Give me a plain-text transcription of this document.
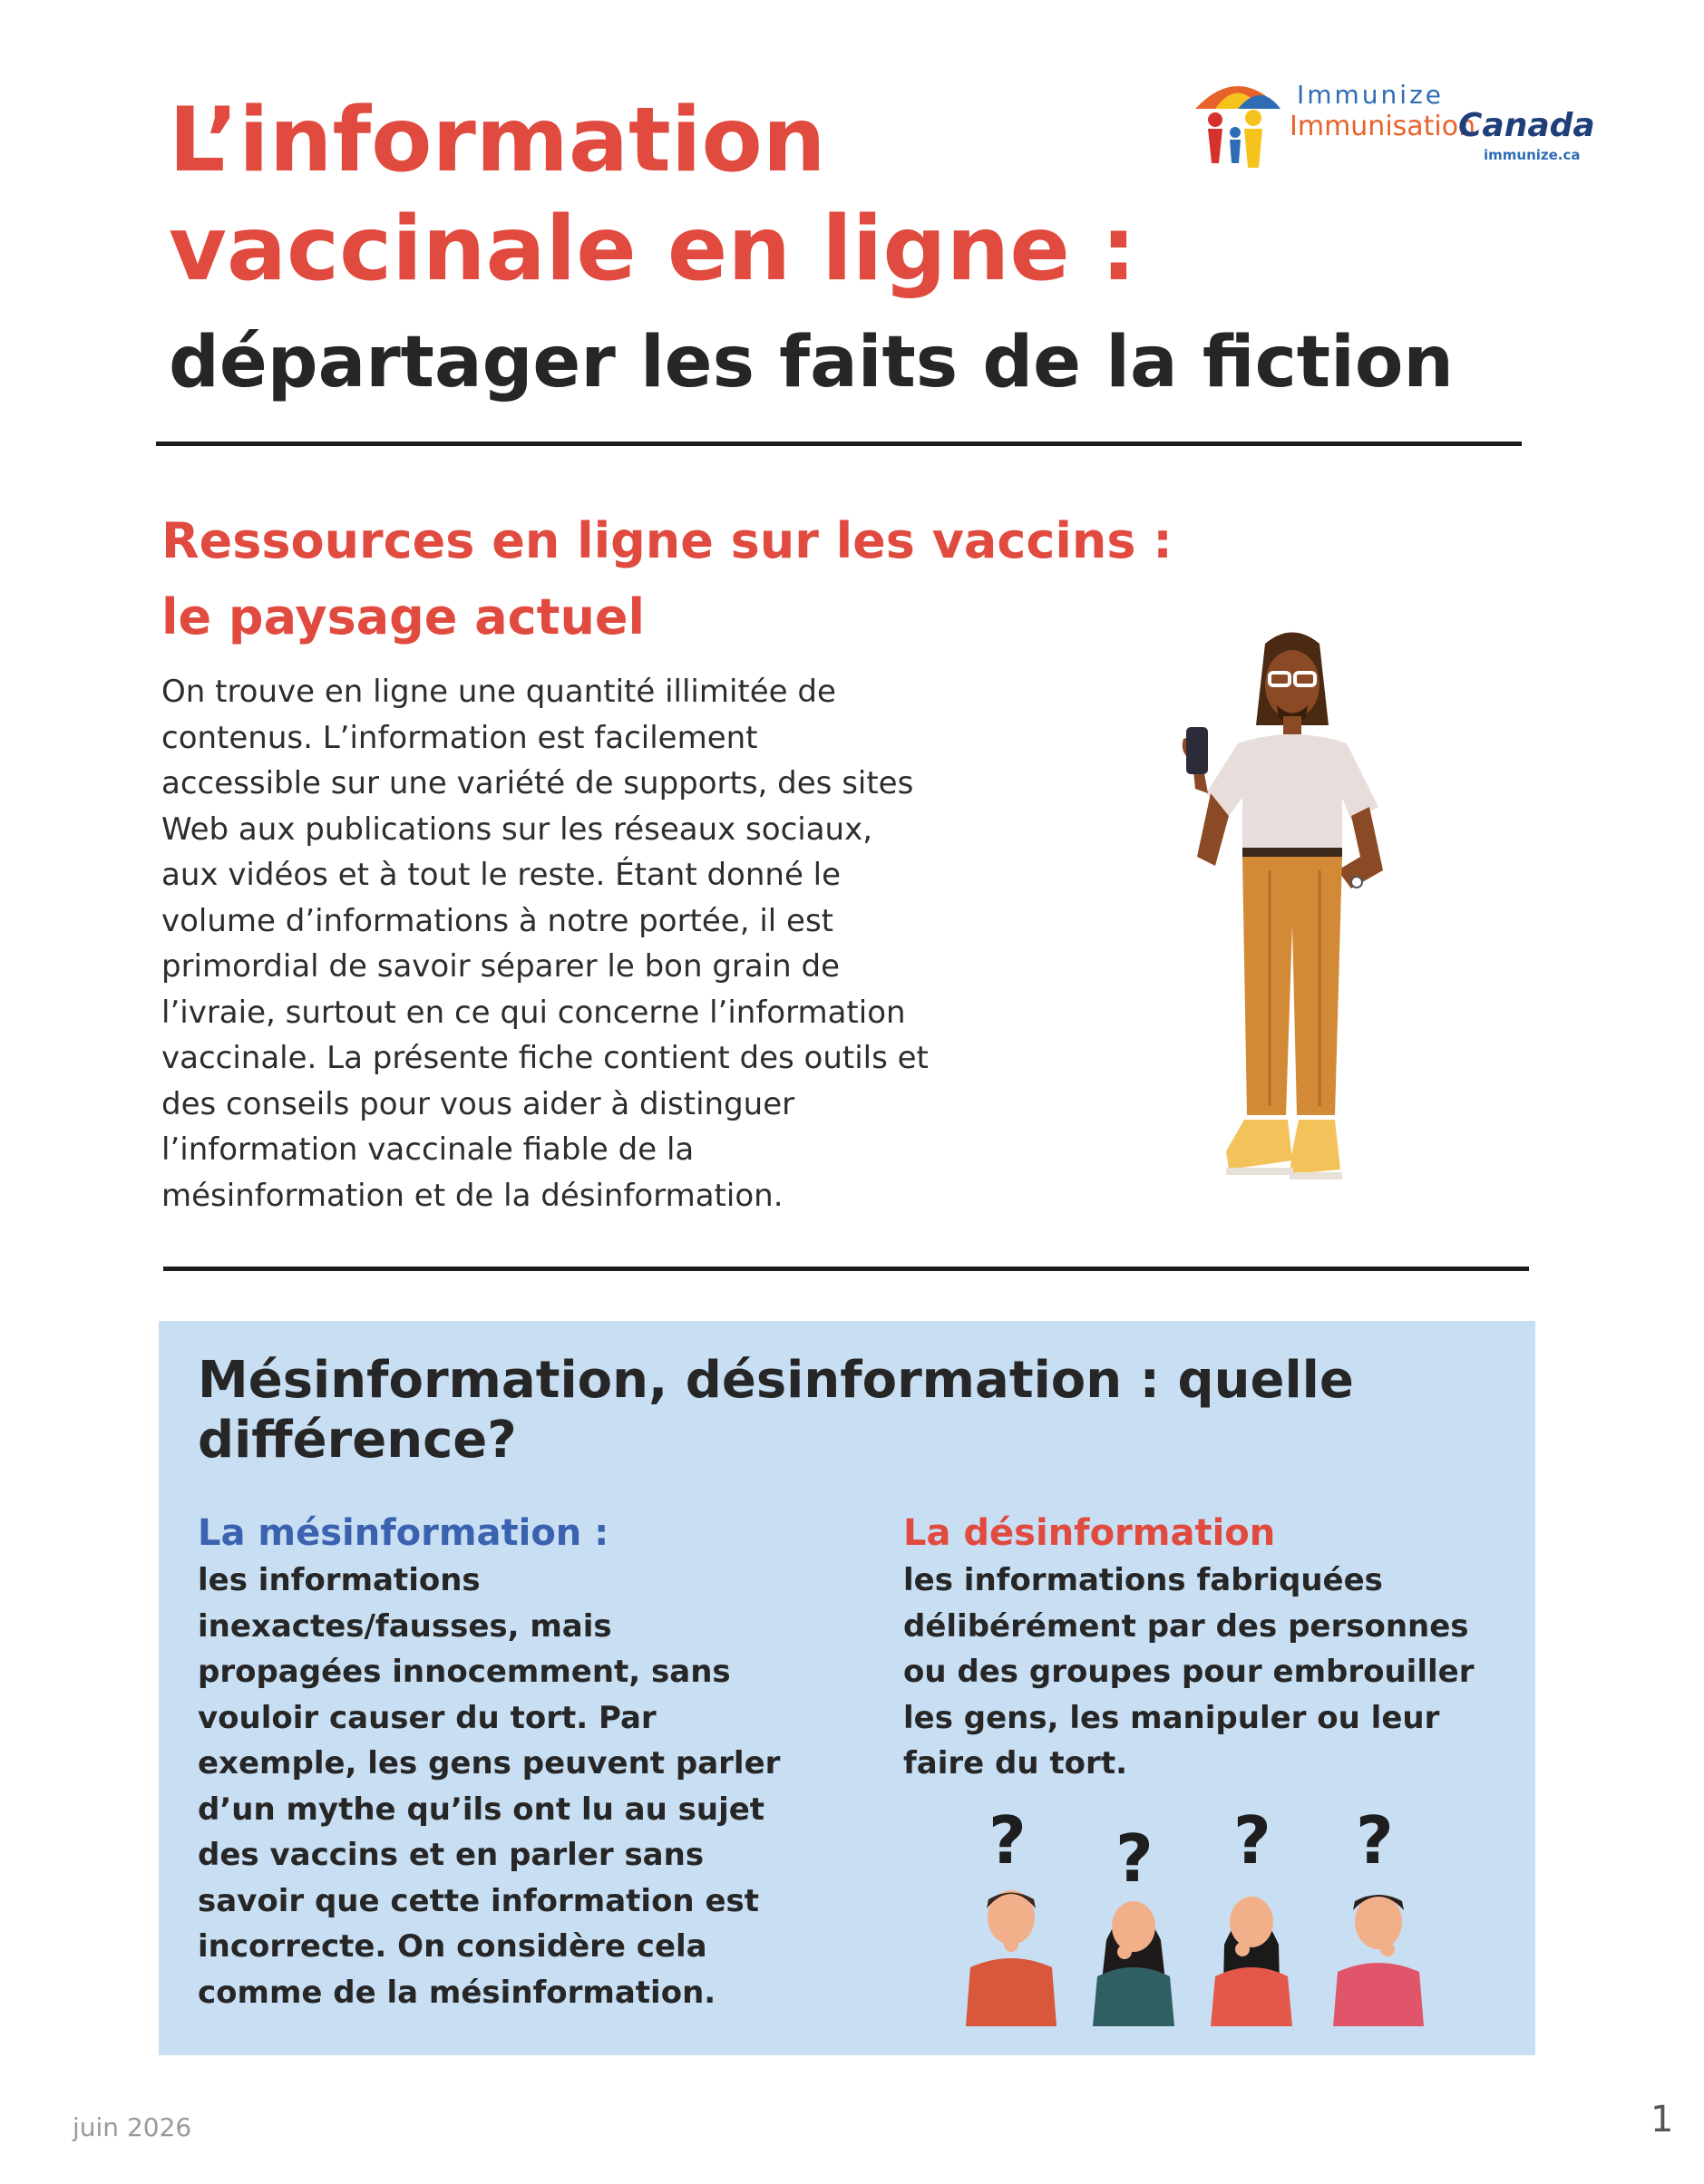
Immunize
Immunisation
Canada
immunize.ca
L’information
vaccinale en ligne :
départager les faits de la fiction
Ressources en ligne sur les vaccins :
le paysage actuel
On trouve en ligne une quantité illimitée de
contenus. L’information est facilement
accessible sur une variété de supports, des sites
Web aux publications sur les réseaux sociaux,
aux vidéos et à tout le reste. Étant donné le
volume d’informations à notre portée, il est
primordial de savoir séparer le bon grain de
l’ivraie, surtout en ce qui concerne l’information
vaccinale. La présente fiche contient des outils et
des conseils pour vous aider à distinguer
l’information vaccinale fiable de la
mésinformation et de la désinformation.
Mésinformation, désinformation : quelle
différence?
La mésinformation :
les informations
inexactes/fausses, mais
propagées innocemment, sans
vouloir causer du tort. Par
exemple, les gens peuvent parler
d’un mythe qu’ils ont lu au sujet
des vaccins et en parler sans
savoir que cette information est
incorrecte. On considère cela
comme de la mésinformation.
La désinformation
les informations fabriquées
délibérément par des personnes
ou des groupes pour embrouiller
les gens, les manipuler ou leur
faire du tort.
? ? ? ?
juin 2026	1
